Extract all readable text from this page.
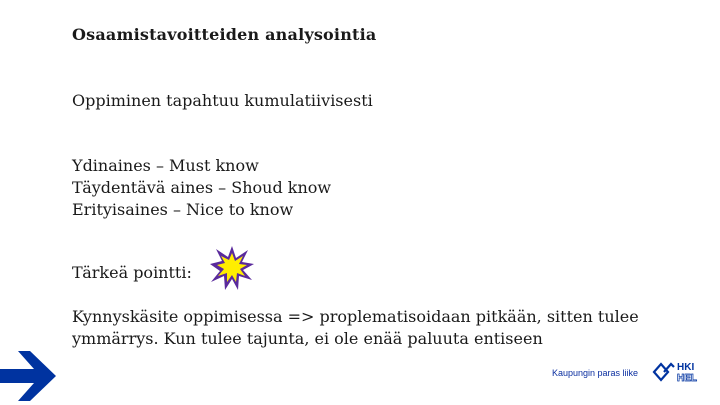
Osaamistavoitteiden analysointia
Oppiminen tapahtuu kumulatiivisesti
Ydinaines – Must know
Täydentävä aines – Shoud know
Erityisaines – Nice to know
Tärkeä pointti:
Kynnyskäsite oppimisessa => proplematisoidaan pitkään, sitten tulee ymmärrys. Kun tulee tajunta, ei ole enää paluuta entiseen
Kaupungin paras liike	HKI
HEL
